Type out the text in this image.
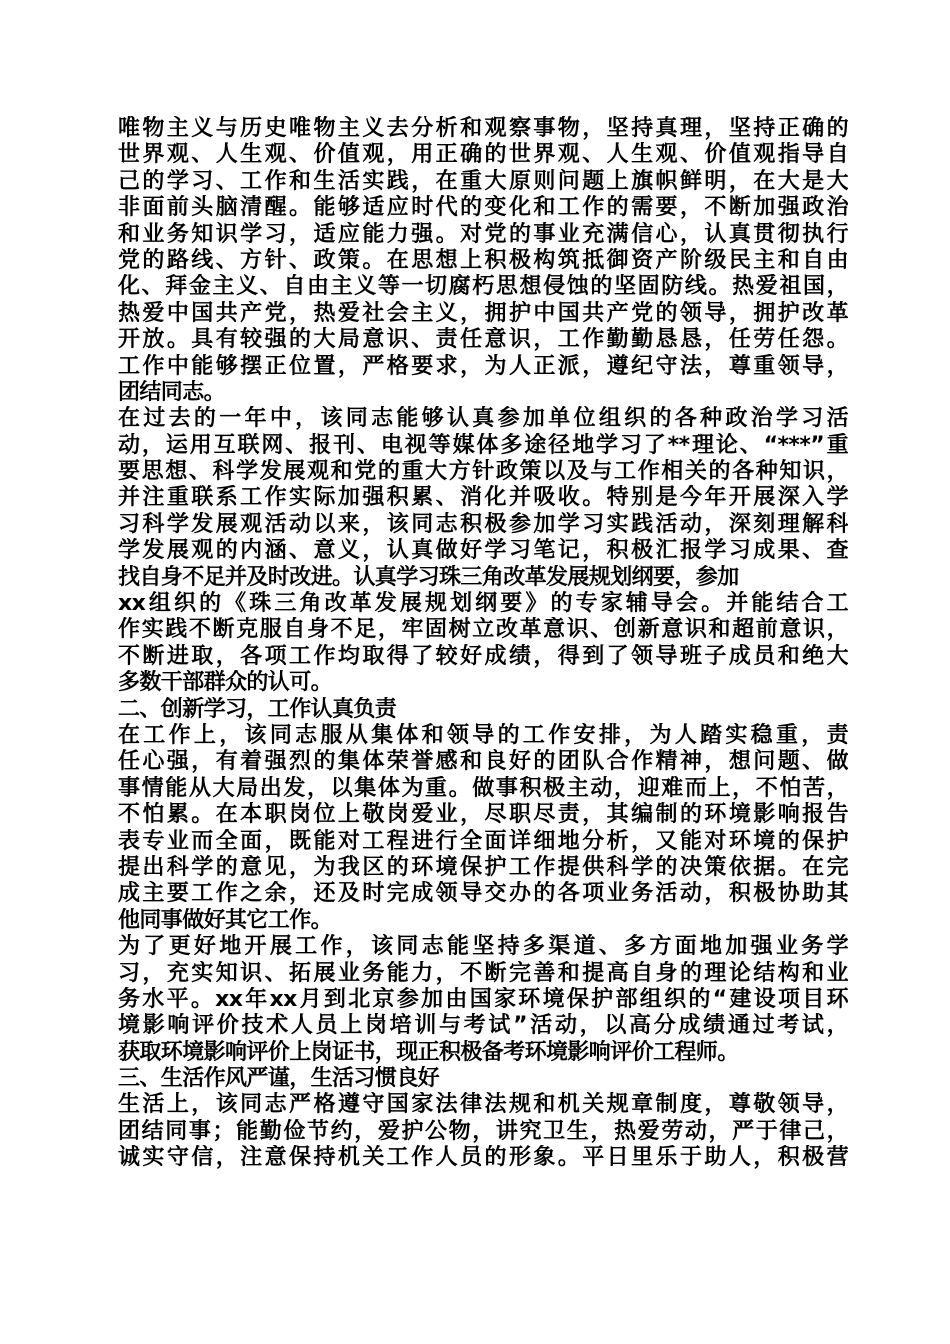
唯物主义与历史唯物主义去分析和观察事物，坚持真理，坚持正确的
世界观、人生观、价值观，用正确的世界观、人生观、价值观指导自
己的学习、工作和生活实践，在重大原则问题上旗帜鲜明，在大是大
非面前头脑清醒。能够适应时代的变化和工作的需要，不断加强政治
和业务知识学习，适应能力强。对党的事业充满信心，认真贯彻执行
党的路线、方针、政策。在思想上积极构筑抵御资产阶级民主和自由
化、拜金主义、自由主义等一切腐朽思想侵蚀的坚固防线。热爱祖国，
热爱中国共产党，热爱社会主义，拥护中国共产党的领导，拥护改革
开放。具有较强的大局意识、责任意识，工作勤勤恳恳，任劳任怨。
工作中能够摆正位置，严格要求，为人正派，遵纪守法，尊重领导，
团结同志。
在过去的一年中，该同志能够认真参加单位组织的各种政治学习活
动，运用互联网、报刊、电视等媒体多途径地学习了**理论、“***”重
要思想、科学发展观和党的重大方针政策以及与工作相关的各种知识，
并注重联系工作实际加强积累、消化并吸收。特别是今年开展深入学
习科学发展观活动以来，该同志积极参加学习实践活动，深刻理解科
学发展观的内涵、意义，认真做好学习笔记，积极汇报学习成果、查
找自身不足并及时改进。认真学习珠三角改革发展规划纲要，参加
xx组织的《珠三角改革发展规划纲要》的专家辅导会。并能结合工
作实践不断克服自身不足，牢固树立改革意识、创新意识和超前意识，
不断进取，各项工作均取得了较好成绩，得到了领导班子成员和绝大
多数干部群众的认可。
二、创新学习，工作认真负责
在工作上，该同志服从集体和领导的工作安排，为人踏实稳重，责
任心强，有着强烈的集体荣誉感和良好的团队合作精神，想问题、做
事情能从大局出发，以集体为重。做事积极主动，迎难而上，不怕苦，
不怕累。在本职岗位上敬岗爱业，尽职尽责，其编制的环境影响报告
表专业而全面，既能对工程进行全面详细地分析，又能对环境的保护
提出科学的意见，为我区的环境保护工作提供科学的决策依据。在完
成主要工作之余，还及时完成领导交办的各项业务活动，积极协助其
他同事做好其它工作。
为了更好地开展工作，该同志能坚持多渠道、多方面地加强业务学
习，充实知识、拓展业务能力，不断完善和提高自身的理论结构和业
务水平。xx年xx月到北京参加由国家环境保护部组织的“建设项目环
境影响评价技术人员上岗培训与考试”活动，以高分成绩通过考试，
获取环境影响评价上岗证书，现正积极备考环境影响评价工程师。
三、生活作风严谨，生活习惯良好
生活上，该同志严格遵守国家法律法规和机关规章制度，尊敬领导，
团结同事；能勤俭节约，爱护公物，讲究卫生，热爱劳动，严于律己，
诚实守信，注意保持机关工作人员的形象。平日里乐于助人，积极营
